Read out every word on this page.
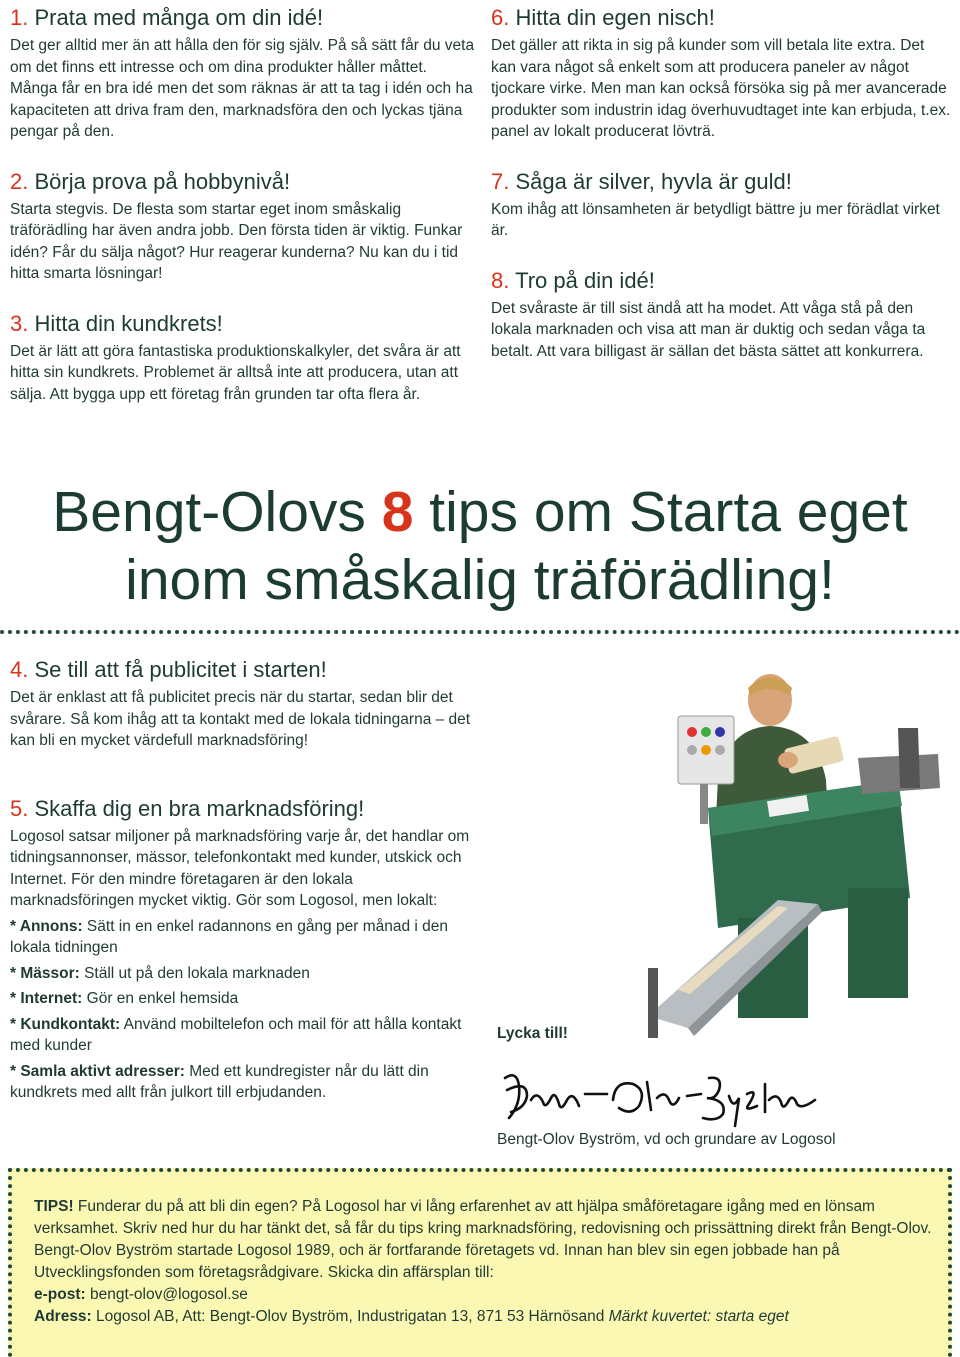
1. Prata med många om din idé!

Det ger alltid mer än att hålla den för sig själv. På så sätt får du veta om det finns ett intresse och om dina produkter håller måttet. Många får en bra idé men det som räknas är att ta tag i idén och ha kapaciteten att driva fram den, marknadsföra den och lyckas tjäna pengar på den.

2. Börja prova på hobbynivå!

Starta stegvis. De flesta som startar eget inom småskalig träförädling har även andra jobb. Den första tiden är viktig. Funkar idén? Får du sälja något? Hur reagerar kunderna? Nu kan du i tid hitta smarta lösningar!

3. Hitta din kundkrets!

Det är lätt att göra fantastiska produktionskalkyler, det svåra är att hitta sin kundkrets. Problemet är alltså inte att producera, utan att sälja. Att bygga upp ett företag från grunden tar ofta flera år.

6. Hitta din egen nisch!

Det gäller att rikta in sig på kunder som vill betala lite extra. Det kan vara något så enkelt som att producera paneler av något tjockare virke. Men man kan också försöka sig på mer avancerade produkter som industrin idag överhuvudtaget inte kan erbjuda, t.ex. panel av lokalt producerat lövträ.

7. Såga är silver, hyvla är guld!

Kom ihåg att lönsamheten är betydligt bättre ju mer förädlat virket är.

8. Tro på din idé!

Det svåraste är till sist ändå att ha modet. Att våga stå på den lokala marknaden och visa att man är duktig och sedan våga ta betalt. Att vara billigast är sällan det bästa sättet att konkurrera.

Bengt-Olovs 8 tips om Starta eget
inom småskalig träförädling!
4. Se till att få publicitet i starten!

Det är enklast att få publicitet precis när du startar, sedan blir det svårare. Så kom ihåg att ta kontakt med de lokala tidningarna – det kan bli en mycket värdefull marknadsföring!

5. Skaffa dig en bra marknadsföring!

Logosol satsar miljoner på marknadsföring varje år, det handlar om tidningsannonser, mässor, telefonkontakt med kunder, utskick och Internet. För den mindre företagaren är den lokala marknadsföringen mycket viktig. Gör som Logosol, men lokalt:

* Annons: Sätt in en enkel radannons en gång per månad i den lokala tidningen

* Mässor: Ställ ut på den lokala marknaden

* Internet: Gör en enkel hemsida

* Kundkontakt: Använd mobiltelefon och mail för att hålla kontakt med kunder

* Samla aktivt adresser: Med ett kundregister når du lätt din kundkrets med allt från julkort till erbjudanden.

Lycka till!
Bengt-Olov Byström, vd och grundare av Logosol
TIPS! Funderar du på att bli din egen? På Logosol har vi lång erfarenhet av att hjälpa småföretagare igång med en lönsam verksamhet. Skriv ned hur du har tänkt det, så får du tips kring marknadsföring, redovisning och prissättning direkt från Bengt-Olov. Bengt-Olov Byström startade Logosol 1989, och är fortfarande företagets vd. Innan han blev sin egen jobbade han på Utvecklingsfonden som företagsrådgivare. Skicka din affärsplan till:
e-post: bengt-olov@logosol.se
Adress: Logosol AB, Att: Bengt-Olov Byström, Industrigatan 13, 871 53 Härnösand Märkt kuvertet: starta eget
